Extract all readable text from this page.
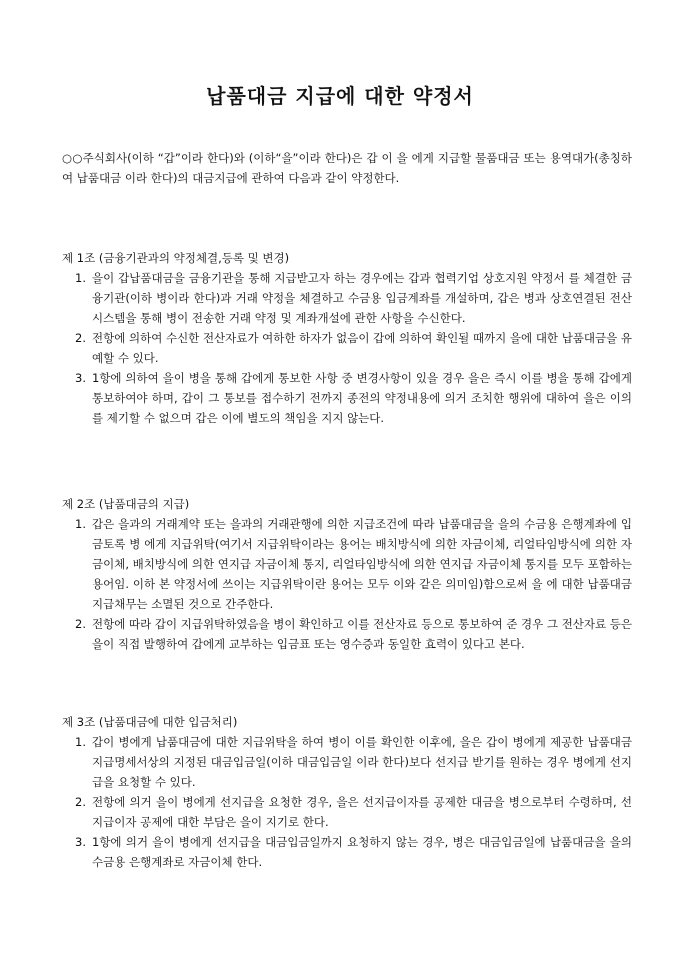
납품대금 지급에 대한 약정서
○○주식회사(이하 “갑”이라 한다)와 (이하“을”이라 한다)은 갑 이 을 에게 지급할 물품대금 또는 용역대가(총칭하여 납품대금 이라 한다)의 대금지급에 관하여 다음과 같이 약정한다.

제 1조 (금융기관과의 약정체결,등록 및 변경)

1. 을이 갑납품대금을 금융기관을 통해 지급받고자 하는 경우에는 갑과 협력기업 상호지원 약정서 를 체결한 금융기관(이하 병이라 한다)과 거래 약정을 체결하고 수금용 입금계좌를 개설하며, 갑은 병과 상호연결된 전산시스템을 통해 병이 전송한 거래 약정 및 계좌개설에 관한 사항을 수신한다.
2. 전항에 의하여 수신한 전산자료가 여하한 하자가 없음이 갑에 의하여 확인될 때까지 을에 대한 납품대금을 유예할 수 있다.
3. 1항에 의하여 을이 병을 통해 갑에게 통보한 사항 중 변경사항이 있을 경우 을은 즉시 이를 병을 통해 갑에게 통보하여야 하며, 갑이 그 통보를 접수하기 전까지 종전의 약정내용에 의거 조치한 행위에 대하여 을은 이의를 제기할 수 없으며 갑은 이에 별도의 책임을 지지 않는다.

제 2조 (납품대금의 지급)

1. 갑은 을과의 거래계약 또는 을과의 거래관행에 의한 지급조건에 따라 납품대금을 을의 수금용 은행계좌에 입금토록 병 에게 지급위탁(여기서 지급위탁이라는 용어는 배치방식에 의한 자금이체, 리얼타임방식에 의한 자금이체, 배치방식에 의한 연지급 자금이체 통지, 리얼타임방식에 의한 연지급 자금이체 통지를 모두 포함하는 용어임. 이하 본 약정서에 쓰이는 지급위탁이란 용어는 모두 이와 같은 의미임)함으로써 을 에 대한 납품대금 지급채무는 소멸된 것으로 간주한다.
2. 전항에 따라 갑이 지급위탁하였음을 병이 확인하고 이를 전산자료 등으로 통보하여 준 경우 그 전산자료 등은 을이 직접 발행하여 갑에게 교부하는 입금표 또는 영수증과 동일한 효력이 있다고 본다.

제 3조 (납품대금에 대한 입금처리)

1. 갑이 병에게 납품대금에 대한 지급위탁을 하여 병이 이를 확인한 이후에, 을은 갑이 병에게 제공한 납품대금 지급명세서상의 지정된 대금입금일(이하 대금입금일 이라 한다)보다 선지급 받기를 원하는 경우 병에게 선지급을 요청할 수 있다.
2. 전항에 의거 을이 병에게 선지급을 요청한 경우, 을은 선지급이자를 공제한 대금을 병으로부터 수령하며, 선지급이자 공제에 대한 부담은 을이 지기로 한다.
3. 1항에 의거 을이 병에게 선지급을 대금입금일까지 요청하지 않는 경우, 병은 대금입금일에 납품대금을 을의 수금용 은행계좌로 자금이체 한다.
